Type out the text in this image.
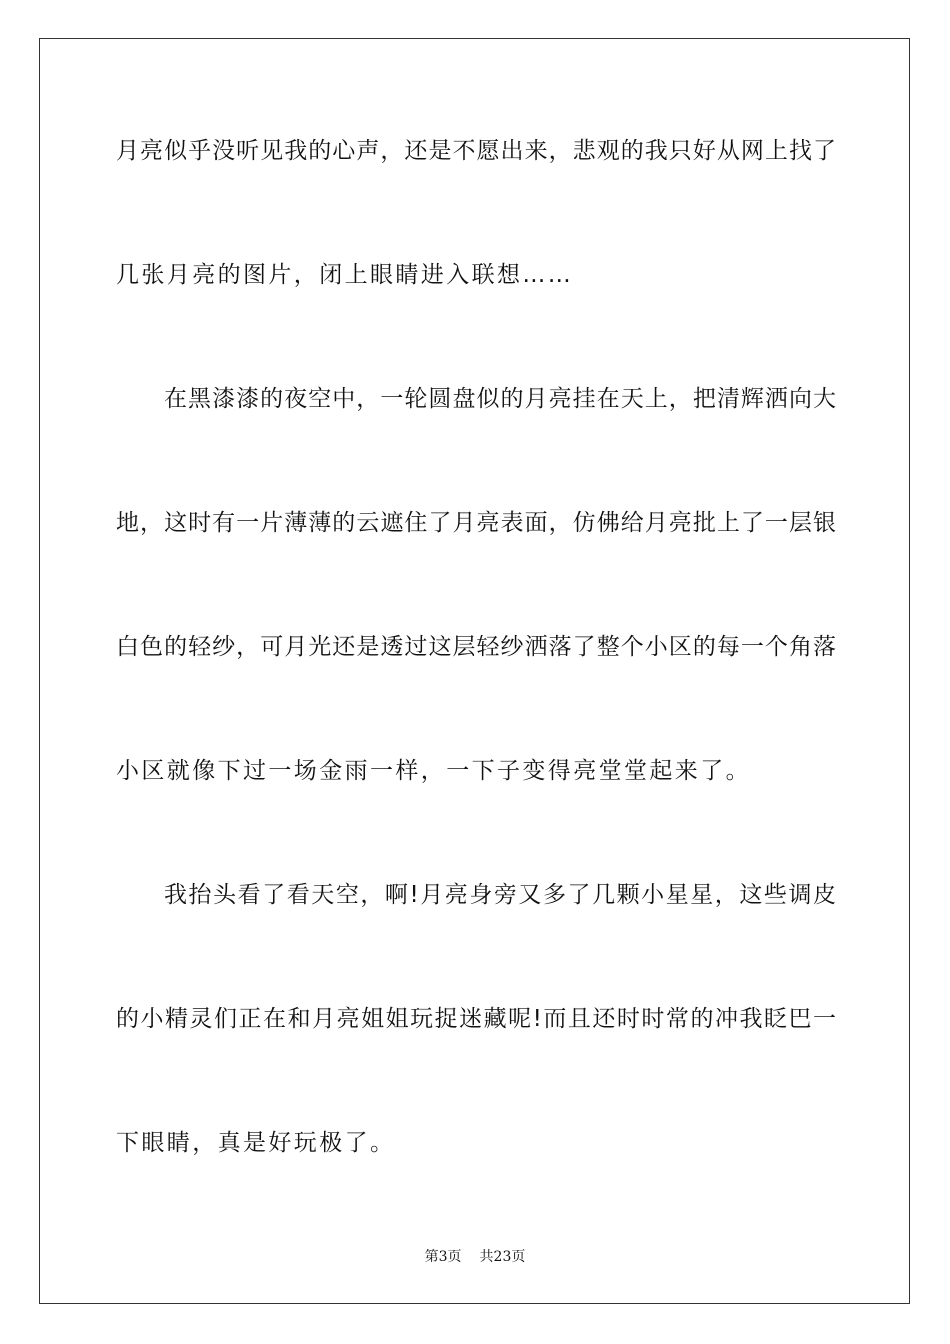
月亮似乎没听见我的心声，还是不愿出来，悲观的我只好从网上找了
几张月亮的图片，闭上眼睛进入联想……
在黑漆漆的夜空中，一轮圆盘似的月亮挂在天上，把清辉洒向大
地，这时有一片薄薄的云遮住了月亮表面，仿佛给月亮批上了一层银
白色的轻纱，可月光还是透过这层轻纱洒落了整个小区的每一个角落
小区就像下过一场金雨一样，一下子变得亮堂堂起来了。
我抬头看了看天空，啊!月亮身旁又多了几颗小星星，这些调皮
的小精灵们正在和月亮姐姐玩捉迷藏呢!而且还时时常的冲我眨巴一
下眼睛，真是好玩极了。
第3页 共23页
